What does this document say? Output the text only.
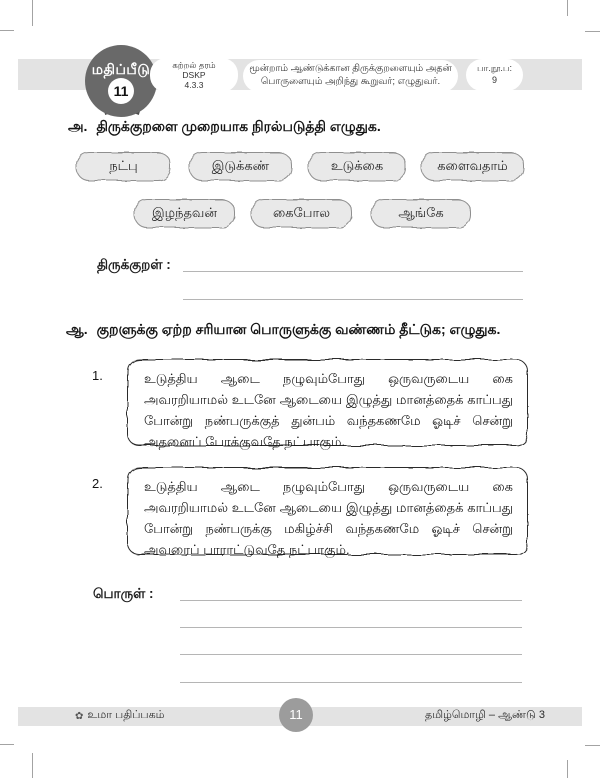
மதிப்பீடு
11
கற்றல் தரம்
DSKP
4.3.3
மூன்றாம் ஆண்டுக்கான திருக்குறளையும் அதன்
பொருளையும் அறிந்து கூறுவர்; எழுதுவர்.
பா.நூ.ப:
9
அ. திருக்குறளை முறையாக நிரல்படுத்தி எழுதுக.
நட்பு	இடுக்கண்	உடுக்கை	களைவதாம்
இழந்தவன்	கைபோல	ஆங்கே
திருக்குறள் :
ஆ. குறளுக்கு ஏற்ற சரியான பொருளுக்கு வண்ணம் தீட்டுக; எழுதுக.
1.	உடுத்திய ஆடை நழுவும்போது ஒருவருடைய கை அவரறியாமல் உடனே ஆடையை இழுத்து மானத்தைக் காப்பது போன்று நண்பருக்குத் துன்பம் வந்தகணமே ஓடிச் சென்று அதனைப் போக்குவதே நட்பாகும்.
2.	உடுத்திய ஆடை நழுவும்போது ஒருவருடைய கை அவரறியாமல் உடனே ஆடையை இழுத்து மானத்தைக் காப்பது போன்று நண்பருக்கு மகிழ்ச்சி வந்தகணமே ஓடிச் சென்று அவரைப் பாராட்டுவதே நட்பாகும்.
பொருள் :
✿ உமா பதிப்பகம்	11	தமிழ்மொழி – ஆண்டு 3
